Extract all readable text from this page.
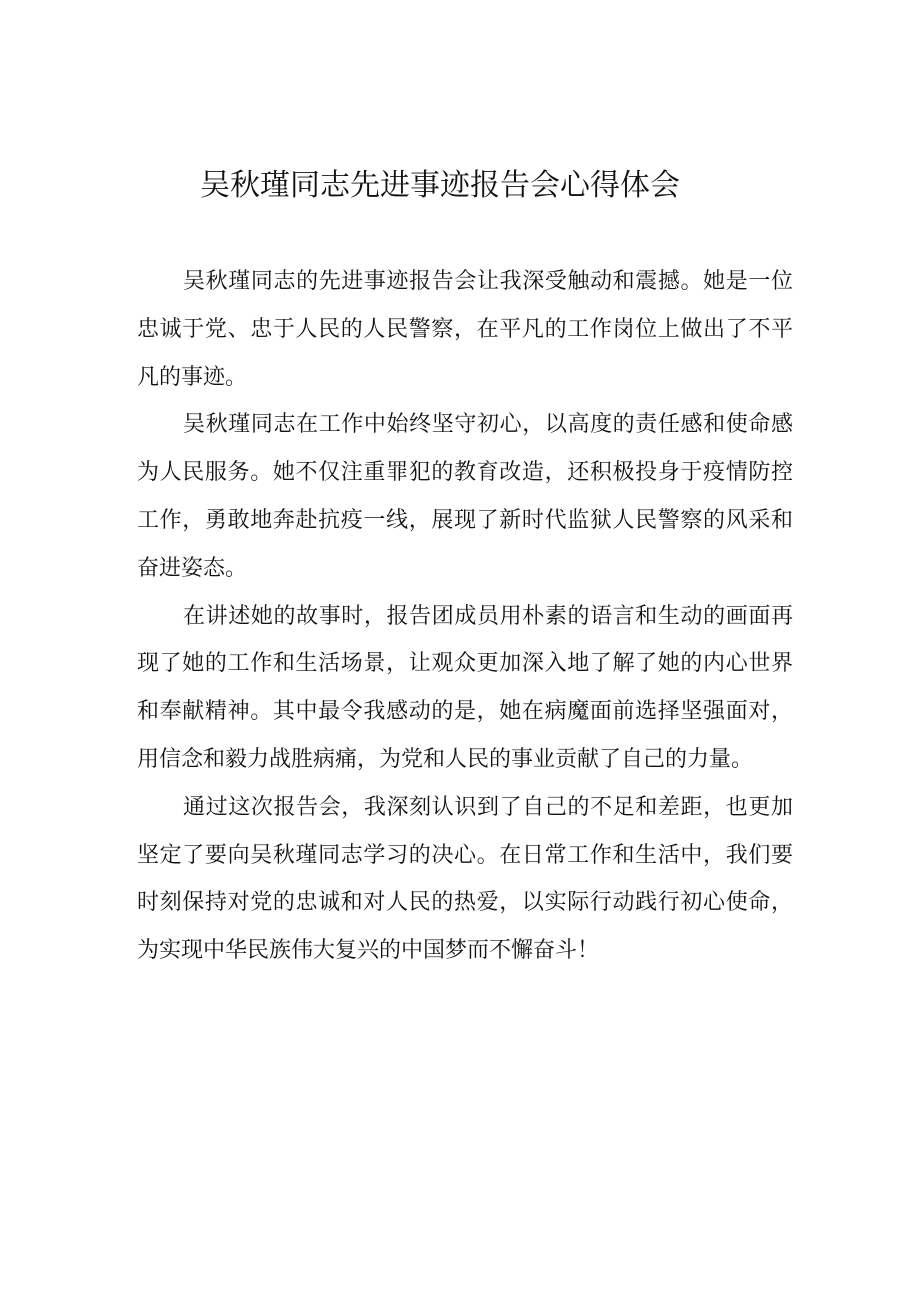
吴秋瑾同志先进事迹报告会心得体会

吴秋瑾同志的先进事迹报告会让我深受触动和震撼。她是一位忠诚于党、忠于人民的人民警察，在平凡的工作岗位上做出了不平凡的事迹。

吴秋瑾同志在工作中始终坚守初心，以高度的责任感和使命感为人民服务。她不仅注重罪犯的教育改造，还积极投身于疫情防控工作，勇敢地奔赴抗疫一线，展现了新时代监狱人民警察的风采和奋进姿态。

在讲述她的故事时，报告团成员用朴素的语言和生动的画面再现了她的工作和生活场景，让观众更加深入地了解了她的内心世界和奉献精神。其中最令我感动的是，她在病魔面前选择坚强面对，用信念和毅力战胜病痛，为党和人民的事业贡献了自己的力量。

通过这次报告会，我深刻认识到了自己的不足和差距，也更加坚定了要向吴秋瑾同志学习的决心。在日常工作和生活中，我们要时刻保持对党的忠诚和对人民的热爱，以实际行动践行初心使命，为实现中华民族伟大复兴的中国梦而不懈奋斗！
